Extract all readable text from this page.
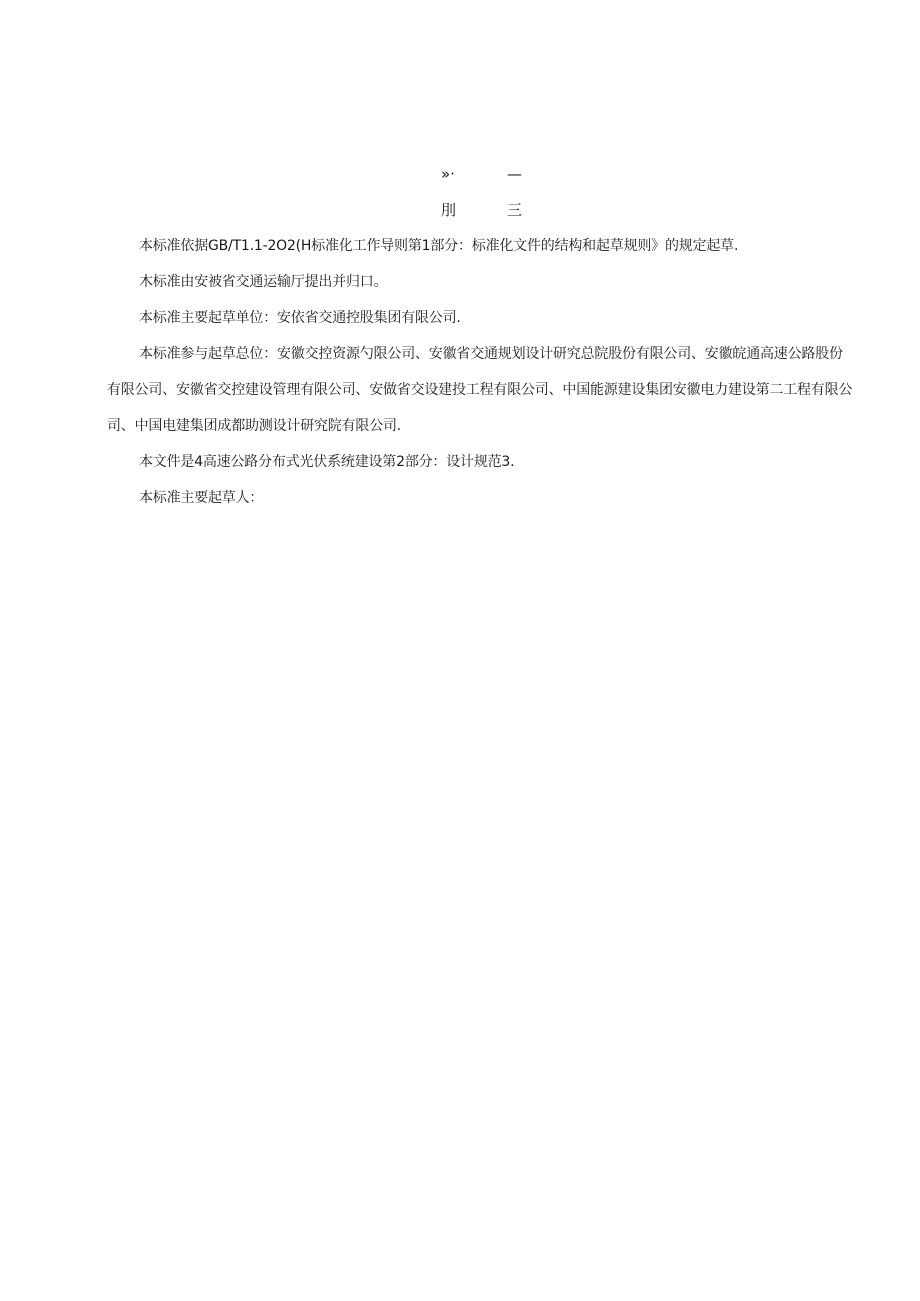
»·	—
刖	三

本标准依据GB/T1.1-2O2(H标准化工作导则第1部分：标准化文件的结构和起草规则》的规定起草.

木标准由安被省交通运输厅提出并归口。

本标准主要起草单位：安依省交通控股集团有限公司.

本标准参与起草总位：安徽交控资源勺限公司、安徽省交通规划设计研究总院股份有限公司、安徽皖通高速公路股份有限公司、安徽省交控建设管理有限公司、安做省交设建投工程有限公司、中国能源建设集团安徽电力建设第二工程有限公司、中国电建集团成都助测设计研究院有限公司.

本文件是4高速公路分布式光伏系统建设第2部分：设计规范3.

本标准主要起草人：
